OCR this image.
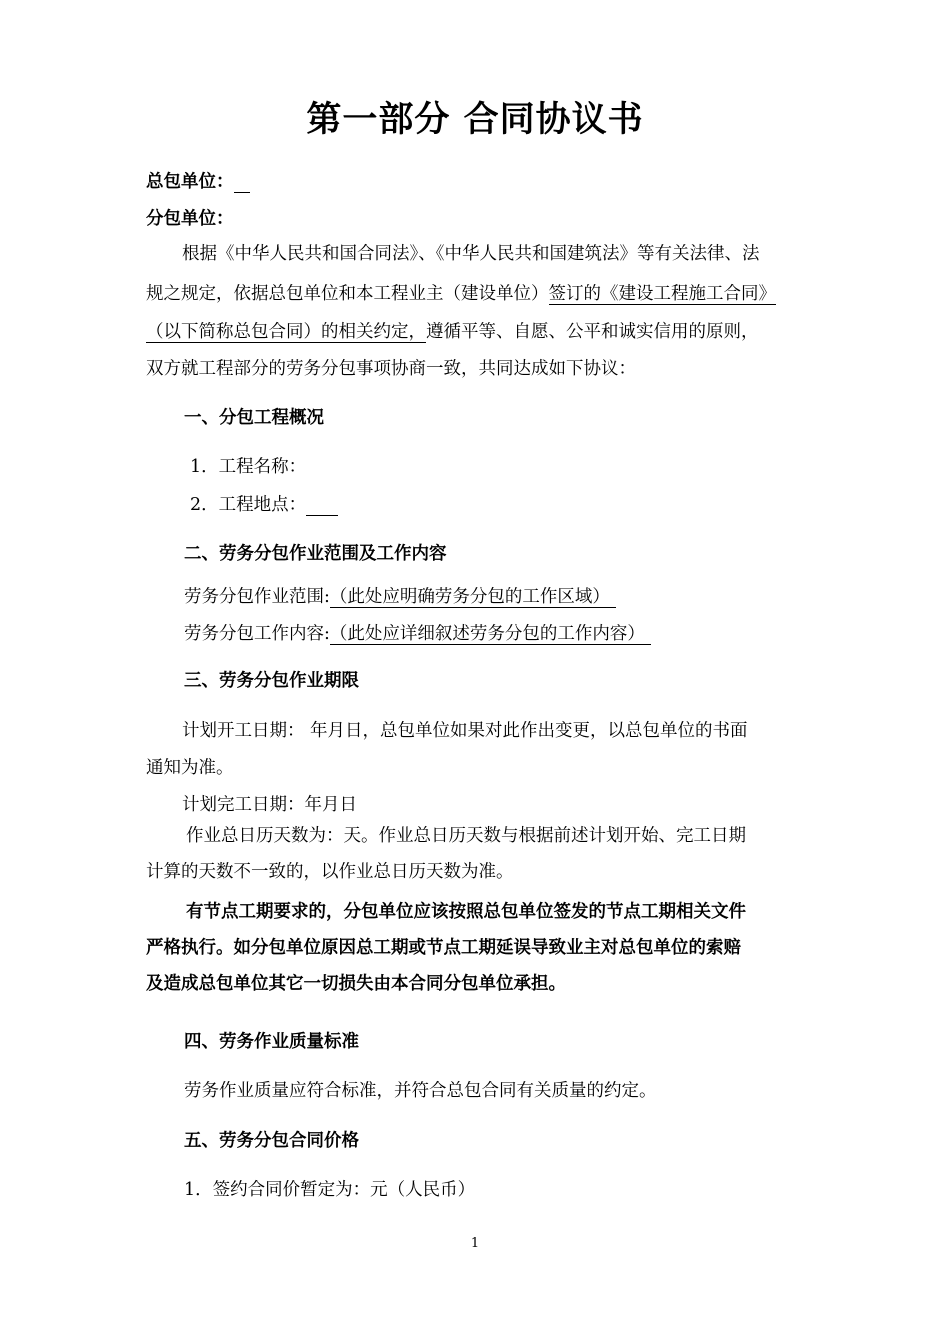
第一部分 合同协议书
总包单位：
分包单位：
根据《中华人民共和国合同法》、《中华人民共和国建筑法》等有关法律、法
规之规定，依据总包单位和本工程业主（建设单位）签订的《建设工程施工合同》
（以下简称总包合同）的相关约定，遵循平等、自愿、公平和诚实信用的原则，
双方就工程部分的劳务分包事项协商一致，共同达成如下协议：
一、分包工程概况
1．工程名称：
2．工程地点：
二、劳务分包作业范围及工作内容
劳务分包作业范围:（此处应明确劳务分包的工作区域）
劳务分包工作内容:（此处应详细叙述劳务分包的工作内容）
三、劳务分包作业期限
计划开工日期： 年月日，总包单位如果对此作出变更，以总包单位的书面
通知为准。
计划完工日期：年月日
作业总日历天数为：天。作业总日历天数与根据前述计划开始、完工日期
计算的天数不一致的，以作业总日历天数为准。
有节点工期要求的，分包单位应该按照总包单位签发的节点工期相关文件
严格执行。如分包单位原因总工期或节点工期延误导致业主对总包单位的索赔
及造成总包单位其它一切损失由本合同分包单位承担。
四、劳务作业质量标准
劳务作业质量应符合标准，并符合总包合同有关质量的约定。
五、劳务分包合同价格
1．签约合同价暂定为：元（人民币）
1
